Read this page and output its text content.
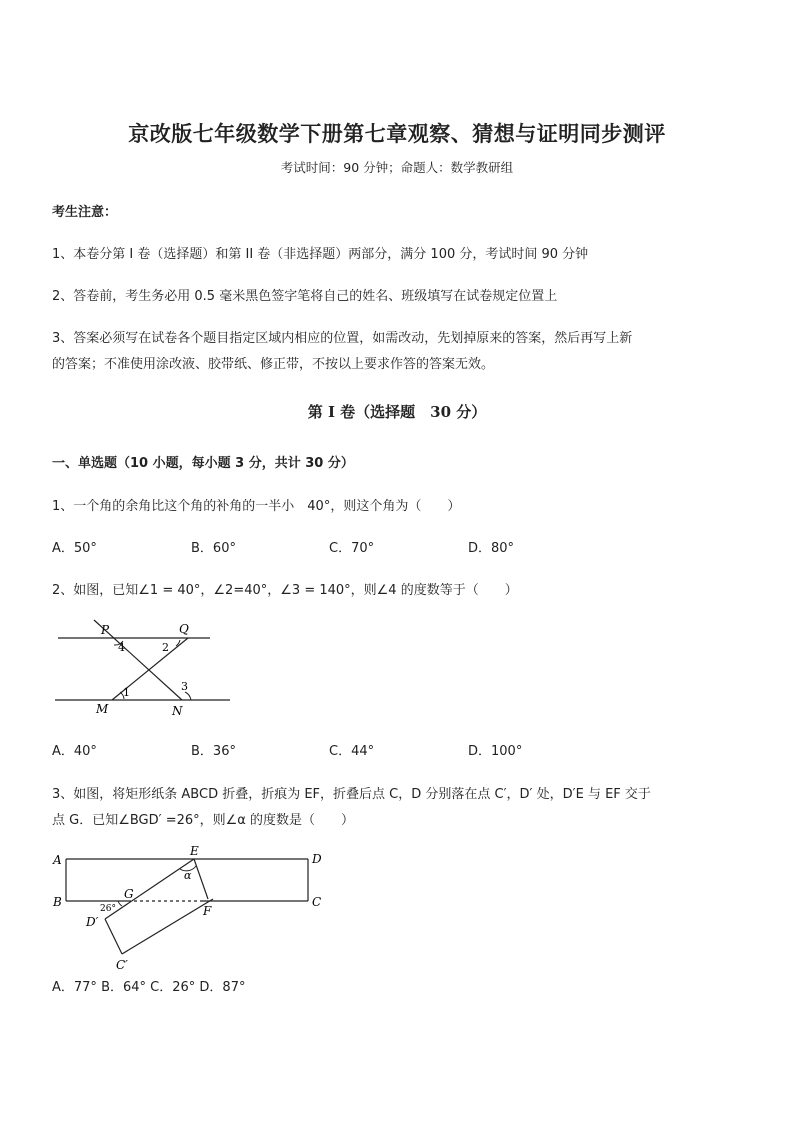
京改版七年级数学下册第七章观察、猜想与证明同步测评
考试时间：90 分钟；命题人：数学教研组
考生注意：
1、本卷分第 I 卷（选择题）和第 II 卷（非选择题）两部分，满分 100 分，考试时间 90 分钟
2、答卷前，考生务必用 0.5 毫米黑色签字笔将自己的姓名、班级填写在试卷规定位置上
3、答案必须写在试卷各个题目指定区域内相应的位置，如需改动，先划掉原来的答案，然后再写上新
的答案；不准使用涂改液、胶带纸、修正带，不按以上要求作答的答案无效。
第 I 卷（选择题　30 分）
一、单选题（10 小题，每小题 3 分，共计 30 分）
1、一个角的余角比这个角的补角的一半小　40°，则这个角为（　　）
A．50°	B．60°	C．70°	D．80°
2、如图，已知∠1 = 40°，∠2=40°，∠3 = 140°，则∠4 的度数等于（　　）
P	Q
M	N
4	2
1	3
A．40°	B．36°	C．44°	D．100°
3、如图，将矩形纸条 ABCD 折叠，折痕为 EF，折叠后点 C，D 分别落在点 C′，D′ 处，D′E 与 EF 交于
点 G．已知∠BGD′ =26°，则∠α 的度数是（　　）
A
B
D
C
E
F
G
D′
C′
α
26°
A．77° B．64° C．26° D．87°
